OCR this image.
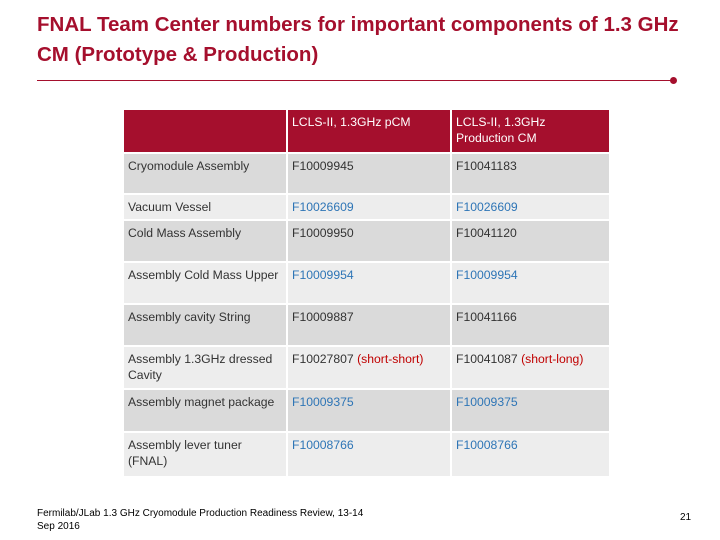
FNAL Team Center numbers for important components of 1.3 GHz CM (Prototype & Production)
	LCLS-II, 1.3GHz pCM	LCLS-II, 1.3GHz Production CM
Cryomodule Assembly	F10009945	F10041183
Vacuum Vessel	F10026609	F10026609
Cold Mass Assembly	F10009950	F10041120
Assembly Cold Mass Upper	F10009954	F10009954
Assembly cavity String	F10009887	F10041166
Assembly 1.3GHz dressed Cavity	F10027807 (short-short)	F10041087 (short-long)
Assembly magnet package	F10009375	F10009375
Assembly lever tuner (FNAL)	F10008766	F10008766
Fermilab/JLab 1.3 GHz Cryomodule Production Readiness Review, 13-14 Sep 2016
21
